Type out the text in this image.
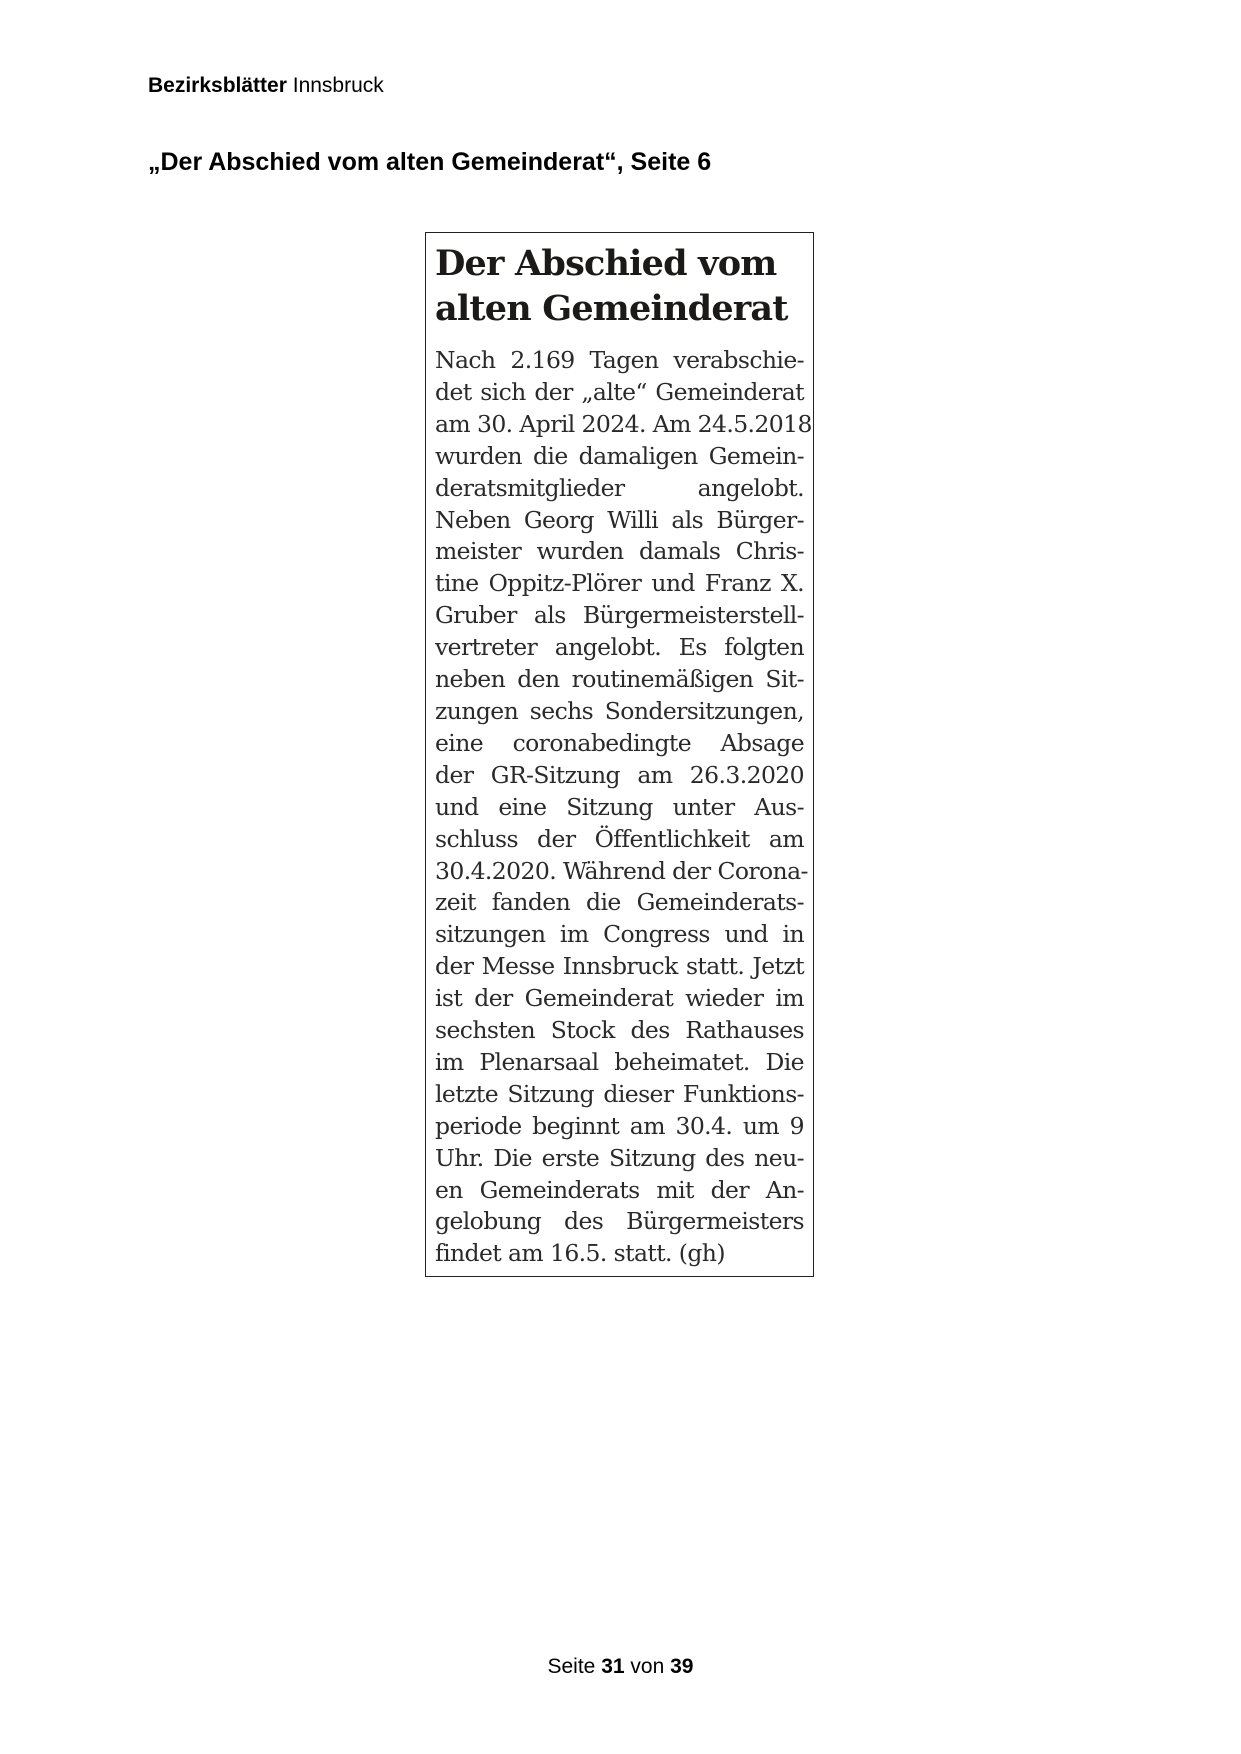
Bezirksblätter Innsbruck
„Der Abschied vom alten Gemeinderat“, Seite 6
Der Abschied vom
alten Gemeinderat
Nach 2.169 Tagen verabschie-
det sich der „alte“ Gemeinderat
am 30. April 2024. Am 24.5.2018
wurden die damaligen Gemein-
deratsmitglieder angelobt.
Neben Georg Willi als Bürger-
meister wurden damals Chris-
tine Oppitz-Plörer und Franz X.
Gruber als Bürgermeisterstell-
vertreter angelobt. Es folgten
neben den routinemäßigen Sit-
zungen sechs Sondersitzungen,
eine coronabedingte Absage
der GR-Sitzung am 26.3.2020
und eine Sitzung unter Aus-
schluss der Öffentlichkeit am
30.4.2020. Während der Corona-
zeit fanden die Gemeinderats-
sitzungen im Congress und in
der Messe Innsbruck statt. Jetzt
ist der Gemeinderat wieder im
sechsten Stock des Rathauses
im Plenarsaal beheimatet. Die
letzte Sitzung dieser Funktions-
periode beginnt am 30.4. um 9
Uhr. Die erste Sitzung des neu-
en Gemeinderats mit der An-
gelobung des Bürgermeisters
findet am 16.5. statt. (gh)
Seite 31 von 39
